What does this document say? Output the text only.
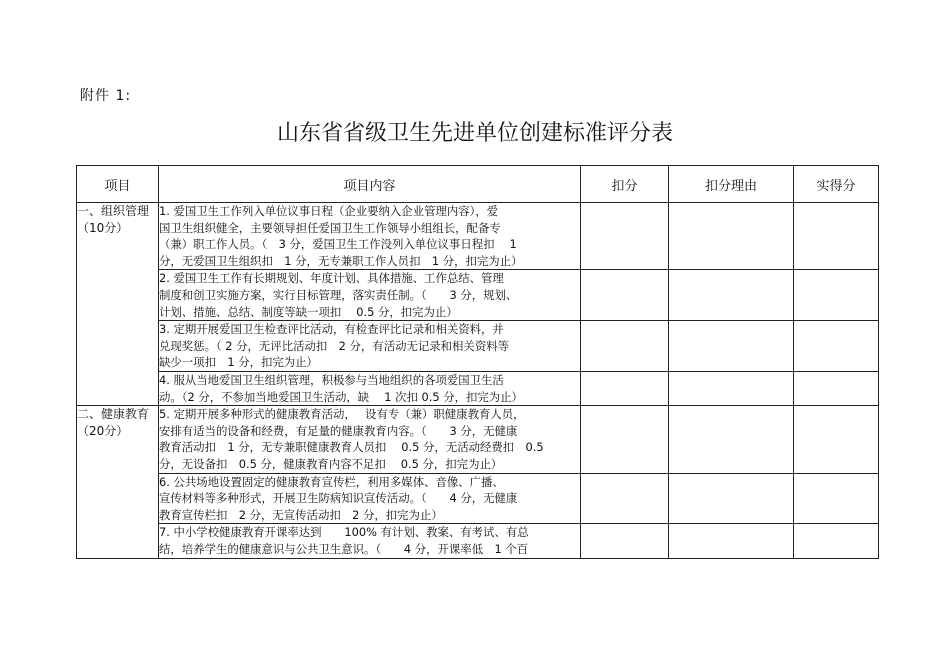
附件 1:
山东省省级卫生先进单位创建标准评分表
项目	项目内容	扣分	扣分理由	实得分
一、组织管理（10分）	1. 爱国卫生工作列入单位议事日程（企业要纳入企业管理内容），爱
国卫生组织健全，主要领导担任爱国卫生工作领导小组组长，配备专
（兼）职工作人员。（　3 分，爱国卫生工作没列入单位议事日程扣　 1
分，无爱国卫生组织扣　1 分，无专兼职工作人员扣　1 分，扣完为止）			

	2. 爱国卫生工作有长期规划、年度计划、具体措施、工作总结、管理
制度和创卫实施方案，实行目标管理，落实责任制。（　　3 分，规划、
计划、措施、总结、制度等缺一项扣　 0.5 分，扣完为止）			

	3. 定期开展爱国卫生检查评比活动，有检查评比记录和相关资料，并
兑现奖惩。（ 2 分，无评比活动扣　2 分，有活动无记录和相关资料等
缺少一项扣　1 分，扣完为止）			

	4. 服从当地爱国卫生组织管理，积极参与当地组织的各项爱国卫生活
动。（2 分，不参加当地爱国卫生活动，缺　 1 次扣 0.5 分，扣完为止）			

二、健康教育（20分）	5. 定期开展多种形式的健康教育活动，　 设有专（兼）职健康教育人员，
安排有适当的设备和经费，有足量的健康教育内容。（　　3 分，无健康
教育活动扣　1 分，无专兼职健康教育人员扣　 0.5 分，无活动经费扣　0.5
分，无设备扣　0.5 分，健康教育内容不足扣　 0.5 分，扣完为止）			

	6. 公共场地设置固定的健康教育宣传栏，利用多媒体、音像、广播、
宣传材料等多种形式，开展卫生防病知识宣传活动。（　　4 分，无健康
教育宣传栏扣　2 分，无宣传活动扣　2 分，扣完为止）			

	7. 中小学校健康教育开课率达到　　100% 有计划、教案、有考试、有总
结，培养学生的健康意识与公共卫生意识。（　　4 分，开课率低　1 个百			
